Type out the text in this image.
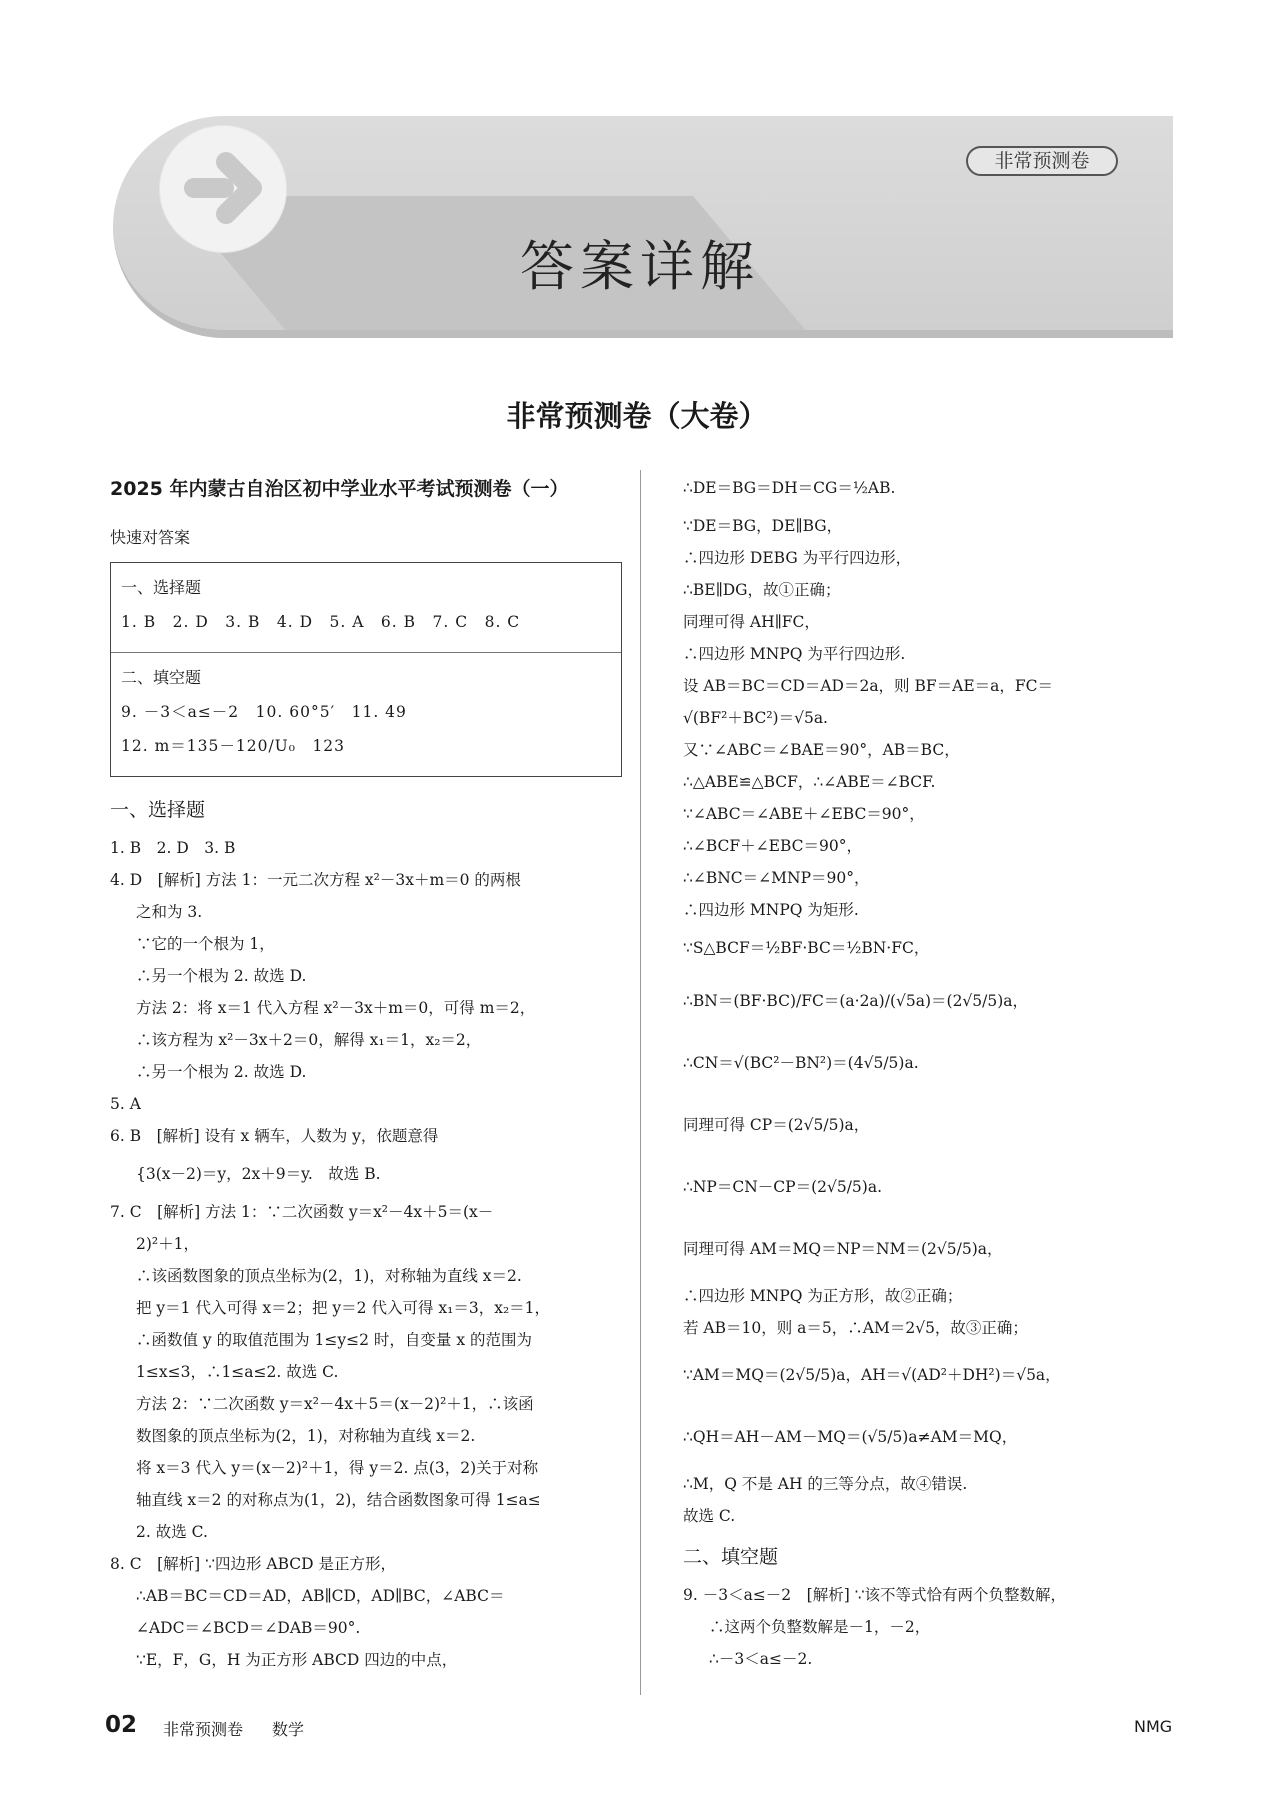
非常预测卷
答案详解
非常预测卷（大卷）
2025 年内蒙古自治区初中学业水平考试预测卷（一）
快速对答案
一、选择题
1. B　2. D　3. B　4. D　5. A　6. B　7. C　8. C
二、填空题
9. －3＜a≤－2　10. 60°5′　11. 49
12. m＝135－120/U₀　123
一、选择题

1. B　2. D　3. B

4. D　[解析] 方法 1：一元二次方程 x²－3x＋m＝0 的两根

之和为 3.

∵它的一个根为 1，

∴另一个根为 2. 故选 D.

方法 2：将 x＝1 代入方程 x²－3x＋m＝0，可得 m＝2，

∴该方程为 x²－3x＋2＝0，解得 x₁＝1，x₂＝2，

∴另一个根为 2. 故选 D.

5. A

6. B　[解析] 设有 x 辆车，人数为 y，依题意得

{3(x－2)＝y，2x＋9＝y.　故选 B.

7. C　[解析] 方法 1：∵二次函数 y＝x²－4x＋5＝(x－

2)²＋1，

∴该函数图象的顶点坐标为(2，1)，对称轴为直线 x＝2.

把 y＝1 代入可得 x＝2；把 y＝2 代入可得 x₁＝3，x₂＝1，

∴函数值 y 的取值范围为 1≤y≤2 时，自变量 x 的范围为

1≤x≤3，∴1≤a≤2. 故选 C.

方法 2：∵二次函数 y＝x²－4x＋5＝(x－2)²＋1，∴该函

数图象的顶点坐标为(2，1)，对称轴为直线 x＝2.

将 x＝3 代入 y＝(x－2)²＋1，得 y＝2. 点(3，2)关于对称

轴直线 x＝2 的对称点为(1，2)，结合函数图象可得 1≤a≤

2. 故选 C.

8. C　[解析] ∵四边形 ABCD 是正方形，

∴AB＝BC＝CD＝AD，AB∥CD，AD∥BC，∠ABC＝

∠ADC＝∠BCD＝∠DAB＝90°.

∵E，F，G，H 为正方形 ABCD 四边的中点，

∴DE＝BG＝DH＝CG＝½AB.

∵DE＝BG，DE∥BG，

∴四边形 DEBG 为平行四边形，

∴BE∥DG，故①正确；

同理可得 AH∥FC，

∴四边形 MNPQ 为平行四边形.

设 AB＝BC＝CD＝AD＝2a，则 BF＝AE＝a，FC＝

√(BF²＋BC²)＝√5a.

又∵∠ABC＝∠BAE＝90°，AB＝BC，

∴△ABE≌△BCF，∴∠ABE＝∠BCF.

∵∠ABC＝∠ABE＋∠EBC＝90°，

∴∠BCF＋∠EBC＝90°，

∴∠BNC＝∠MNP＝90°，

∴四边形 MNPQ 为矩形.

∵S△BCF＝½BF·BC＝½BN·FC，

∴BN＝(BF·BC)/FC＝(a·2a)/(√5a)＝(2√5/5)a，

∴CN＝√(BC²－BN²)＝(4√5/5)a.

同理可得 CP＝(2√5/5)a，

∴NP＝CN－CP＝(2√5/5)a.

同理可得 AM＝MQ＝NP＝NM＝(2√5/5)a，

∴四边形 MNPQ 为正方形，故②正确；

若 AB＝10，则 a＝5，∴AM＝2√5，故③正确；

∵AM＝MQ＝(2√5/5)a，AH＝√(AD²＋DH²)＝√5a，

∴QH＝AH－AM－MQ＝(√5/5)a≠AM＝MQ，

∴M，Q 不是 AH 的三等分点，故④错误.

故选 C.

二、填空题

9. －3＜a≤－2　[解析] ∵该不等式恰有两个负整数解，

∴这两个负整数解是－1，－2，

∴－3＜a≤－2.

02 非常预测卷 数学	NMG
